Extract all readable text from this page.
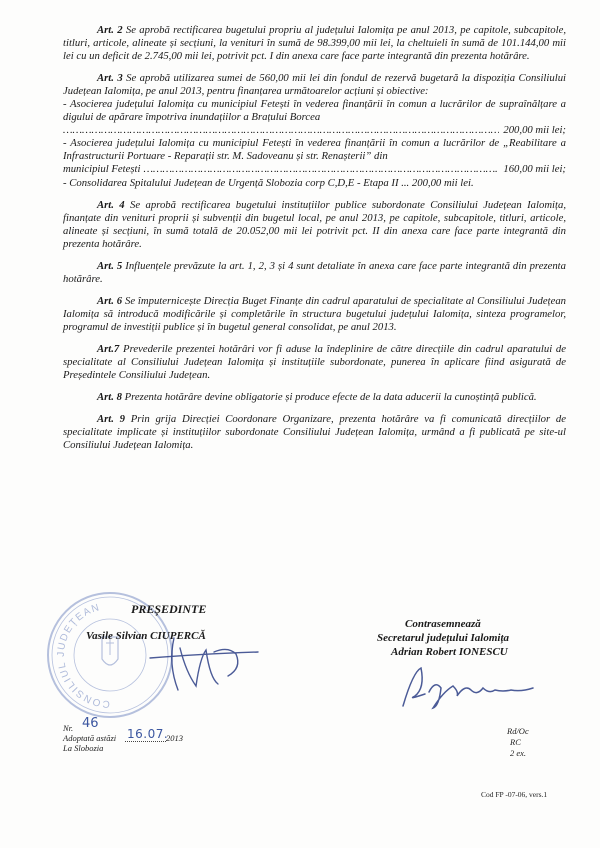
Art. 2 Se aprobă rectificarea bugetului propriu al județului Ialomița pe anul 2013, pe capitole, subcapitole, titluri, articole, alineate și secțiuni, la venituri în sumă de 98.399,00 mii lei, la cheltuieli în sumă de 101.144,00 mii lei cu un deficit de 2.745,00 mii lei, potrivit pct. I din anexa care face parte integrantă din prezenta hotărâre.

Art. 3 Se aprobă utilizarea sumei de 560,00 mii lei din fondul de rezervă bugetară la dispoziția Consiliului Județean Ialomița, pe anul 2013, pentru finanțarea următoarelor acțiuni și obiective:

- Asocierea județului Ialomița cu municipiul Fetești în vederea finanțării în comun a lucrărilor de supraînălțare a digului de apărare împotriva inundațiilor a Brațului Borcea

…………………………………………………………………………………………………………………………………………
200,00 mii lei;

- Asocierea județului Ialomița cu municipiul Fetești în vederea finanțării în comun a lucrărilor de „Reabilitare a Infrastructurii Portuare - Reparații str. M. Sadoveanu și str. Renașterii” din

municipiul Fetești …………………………………………………………………………………………………………………………………………	160,00 mii lei;

- Consolidarea Spitalului Județean de Urgență Slobozia corp C,D,E - Etapa II ... 200,00 mii lei.

Art. 4 Se aprobă rectificarea bugetului instituțiilor publice subordonate Consiliului Județean Ialomița, finanțate din venituri proprii și subvenții din bugetul local, pe anul 2013, pe capitole, subcapitole, titluri, articole, alineate și secțiuni, în sumă totală de 20.052,00 mii lei potrivit pct. II din anexa care face parte integrantă din prezenta hotărâre.

Art. 5 Influențele prevăzute la art. 1, 2, 3 și 4 sunt detaliate în anexa care face parte integrantă din prezenta hotărâre.

Art. 6 Se împuternicește Direcția Buget Finanțe din cadrul aparatului de specialitate al Consiliului Județean Ialomița să introducă modificările și completările în structura bugetului județului Ialomița, sinteza programelor, programul de investiții publice și în bugetul general consolidat, pe anul 2013.

Art.7 Prevederile prezentei hotărâri vor fi aduse la îndeplinire de către direcțiile din cadrul aparatului de specialitate al Consiliului Județean Ialomița și instituțiile subordonate, punerea în aplicare fiind asigurată de Președintele Consiliului Județean.

Art. 8 Prezenta hotărâre devine obligatorie și produce efecte de la data aducerii la cunoștință publică.

Art. 9 Prin grija Direcției Coordonare Organizare, prezenta hotărâre va fi comunicată direcțiilor de specialitate implicate și instituțiilor subordonate Consiliului Județean Ialomița, urmând a fi publicată pe site-ul Consiliului Județean Ialomița.

CONSILIUL JUDEȚEAN	PREȘEDINTE
Vasile Silvian CIUPERCĂ
Contrasemnează
Secretarul județului Ialomița
Adrian Robert IONESCU
Nr. 46
Adoptată astăzi 16.07.
2013
La Slobozia
Rd/Oc
RC
2 ex.
Cod FP -07-06, vers.1
